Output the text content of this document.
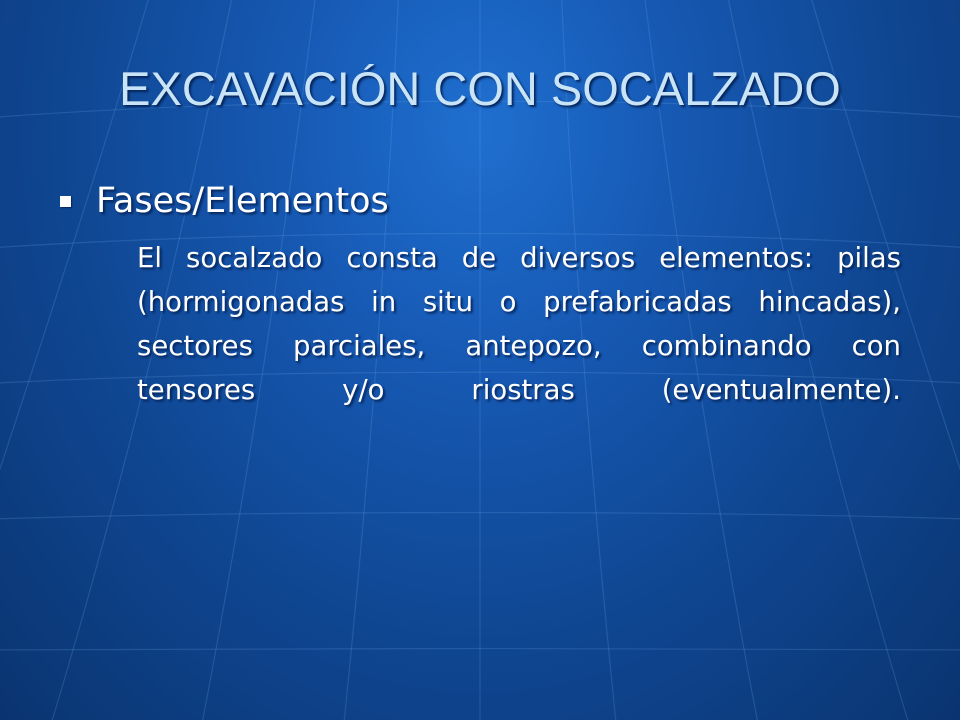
EXCAVACIÓN CON SOCALZADO

Fases/Elementos

El socalzado consta de diversos elementos: pilas (hormigonadas in situ o prefabricadas hincadas), sectores parciales, antepozo, combinando con tensores y/o riostras (eventualmente).
